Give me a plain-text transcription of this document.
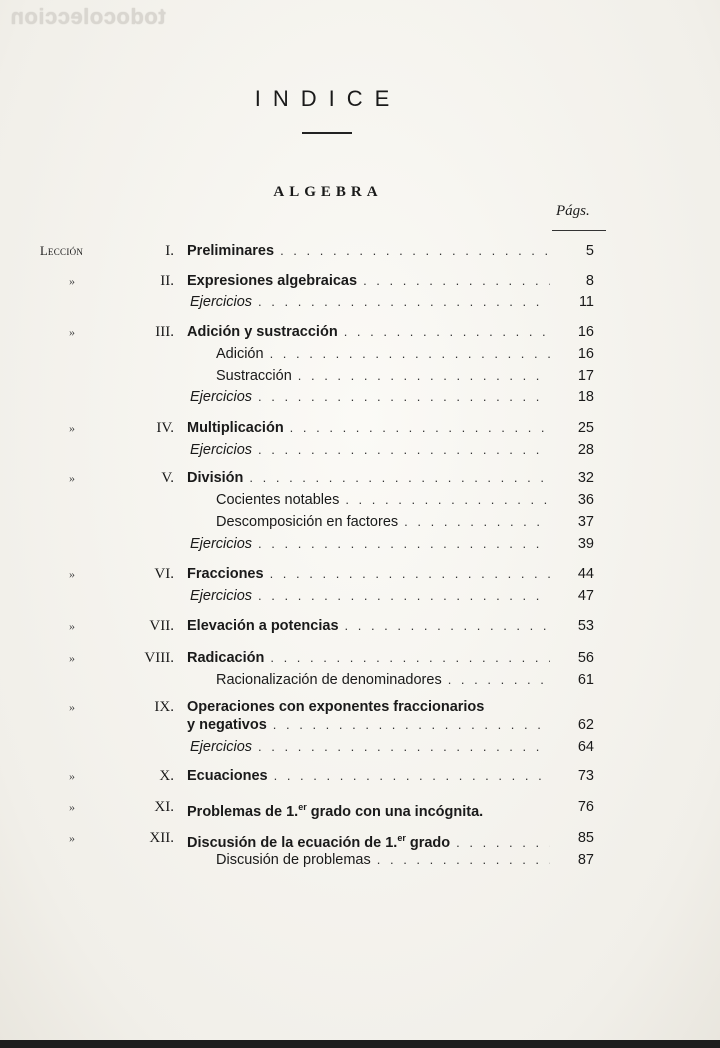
todocoleccion
INDICE
ALGEBRA
Págs.
Lección	I. Preliminares . . .	5
»	II. Expresiones algebraicas . . .	8
Ejercicios . . .	11
»	III. Adición y sustracción . . .	16
Adición . . .	16
Sustracción . . .	17
Ejercicios . . .	18
»	IV. Multiplicación . . .	25
Ejercicios . . .	28
»	V. División . . .	32
Cocientes notables . . .	36
Descomposición en factores . . .	37
Ejercicios . . .	39
»	VI. Fracciones . . .	44
Ejercicios . . .	47
»	VII. Elevación a potencias . . .	53
»	VIII. Radicación . . .	56
Racionalización de denominadores . . .	61
»	IX. Operaciones con exponentes fraccionarios
y negativos . . .	62
Ejercicios . . .	64
»	X. Ecuaciones . . .	73
»	XI. Problemas de 1.$^{er}$ grado con una incógnita.	76
»	XII. Discusión de la ecuación de 1.$^{er}$ grado . . .	85
Discusión de problemas . . .	87
